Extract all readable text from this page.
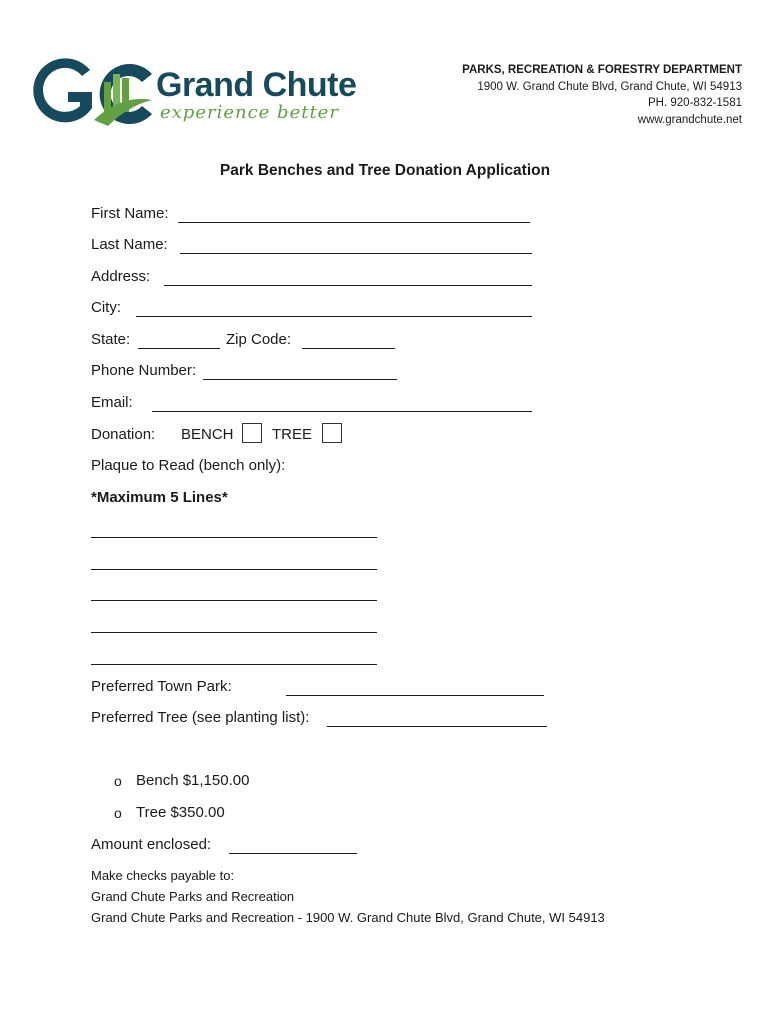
Grand Chute
experience better
PARKS, RECREATION & FORESTRY DEPARTMENT
1900 W. Grand Chute Blvd, Grand Chute, WI 54913
PH. 920-832-1581
www.grandchute.net
Park Benches and Tree Donation Application
First Name:
Last Name:
Address:
City:
State:	Zip Code:
Phone Number:
Email:
Donation: BENCH	TREE
Plaque to Read (bench only):
*Maximum 5 Lines*
Preferred Town Park:
Preferred Tree (see planting list):
o Bench $1,150.00
o Tree $350.00
Amount enclosed:
Make checks payable to:
Grand Chute Parks and Recreation
Grand Chute Parks and Recreation - 1900 W. Grand Chute Blvd, Grand Chute, WI 54913
